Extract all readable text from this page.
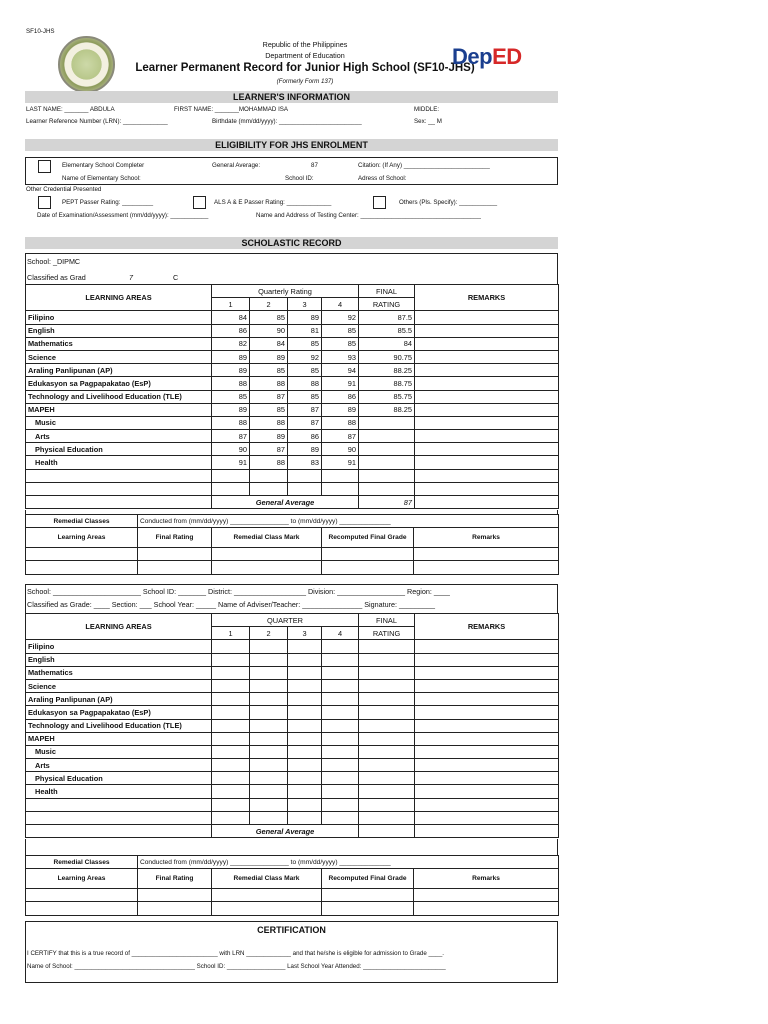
SF10-JHS
Republic of the Philippines
Department of Education
Learner Permanent Record for Junior High School (SF10-JHS)
(Formerly Form 137)
DepED
LEARNER'S INFORMATION
LAST NAME: _______ ABDULA	FIRST NAME: _______MOHAMMAD ISA	MIDDLE:
Learner Reference Number (LRN): _____________	Birthdate (mm/dd/yyyy): ________________________	Sex: __ M
ELIGIBILITY FOR JHS ENROLMENT
Elementary School Completer	General Average:	87	Citation: (If Any) _________________________
Name of Elementary School:	School ID:	Adress of School:
Other Credential Presented
PEPT Passer Rating: _________	ALS A & E Passer Rating: _____________	Others (Pls. Specify): ___________
Date of Examination/Assessment (mm/dd/yyyy): ___________	Name and Address of Testing Center: ___________________________________
SCHOLASTIC RECORD
School: _DIPMC
Classified as Grad	7	C
LEARNING AREAS	Quarterly Rating				FINAL	REMARKS
	1	2	3	4	RATING	
Filipino	84	85	89	92	87.5	
English	86	90	81	85	85.5	
Mathematics	82	84	85	85	84	
Science	89	89	92	93	90.75	
Araling Panlipunan (AP)	89	85	85	94	88.25	
Edukasyon sa Pagpapakatao (EsP)	88	88	88	91	88.75	
Technology and Livelihood Education (TLE)	85	87	85	86	85.75	
MAPEH	89	85	87	89	88.25	
Music	88	88	87	88		
Arts	87	89	86	87		
Physical Education	90	87	89	90		
Health	91	88	83	91		

	General Average				87	
Remedial Classes	Conducted from (mm/dd/yyyy) ________________ to (mm/dd/yyyy) ______________			
Learning Areas	Final Rating	Remedial Class Mark	Recomputed Final Grade	Remarks

School: ______________________ School ID: _______ District: __________________ Division: _________________ Region: ____
Classified as Grade: ____ Section: ___ School Year: _____ Name of Adviser/Teacher: _______________ Signature: _________
LEARNING AREAS	QUARTER				FINAL	REMARKS
	1	2	3	4	RATING	
Filipino						
English						
Mathematics						
Science						
Araling Panlipunan (AP)						
Edukasyon sa Pagpapakatao (EsP)						
Technology and Livelihood Education (TLE)						
MAPEH						
Music						
Arts						
Physical Education						
Health						

	General Average					
Remedial Classes	Conducted from (mm/dd/yyyy) ________________ to (mm/dd/yyyy) ______________			
Learning Areas	Final Rating	Remedial Class Mark	Recomputed Final Grade	Remarks

CERTIFICATION
I CERTIFY that this is a true record of _________________________ with LRN _____________ and that he/she is eligible for admission to Grade ____.
Name of School: ___________________________________ School ID: _________________ Last School Year Attended: ________________________
